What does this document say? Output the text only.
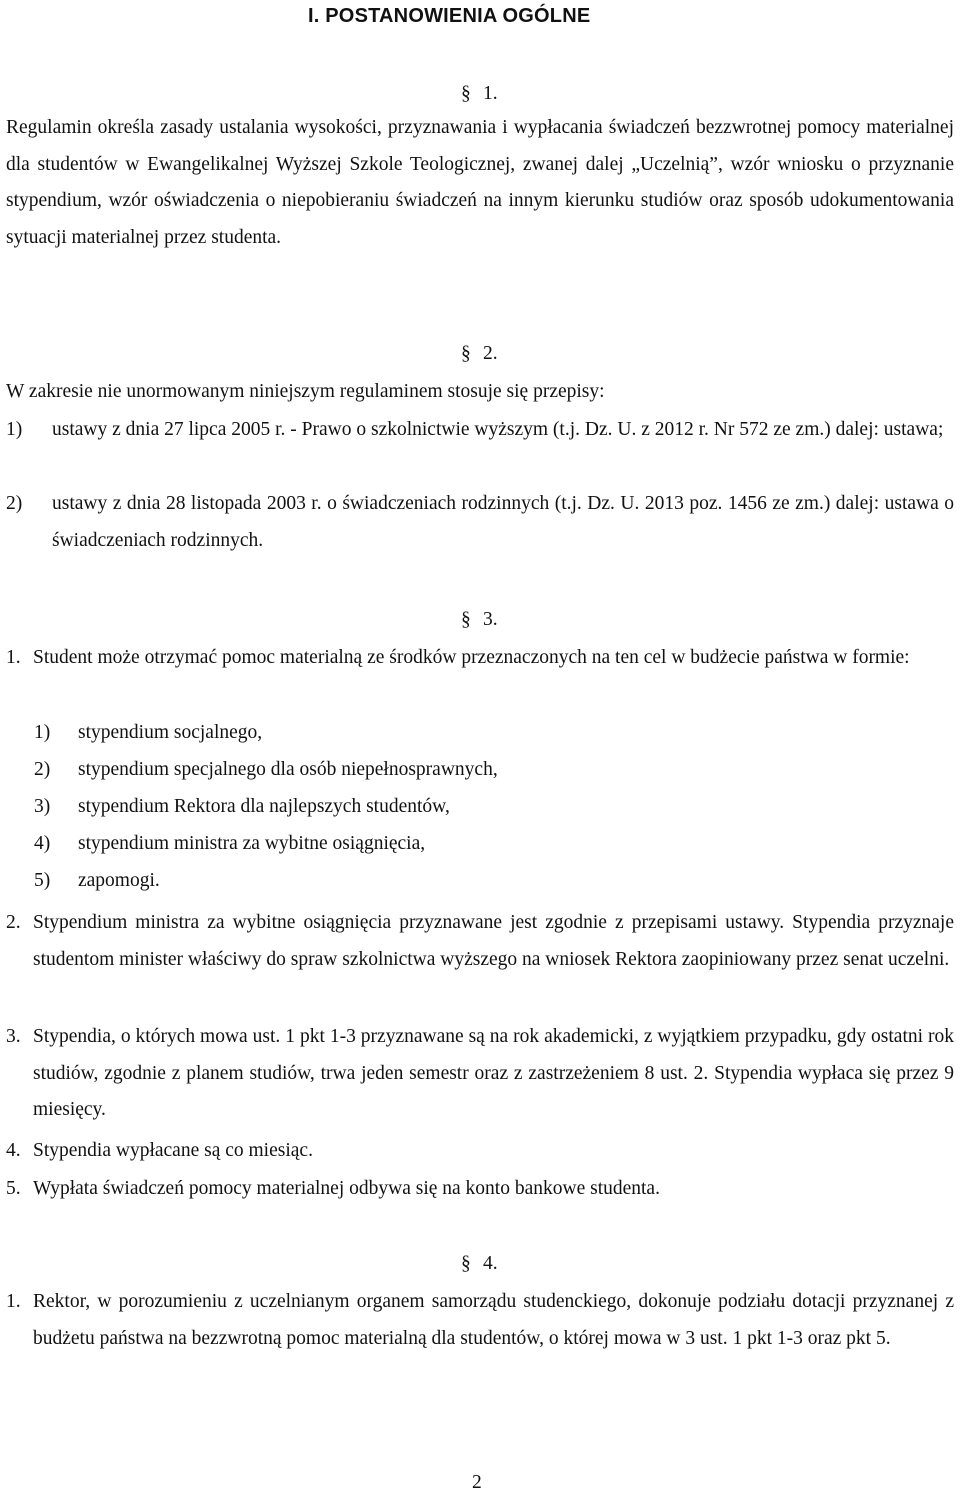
I. POSTANOWIENIA OGÓLNE

§ 1.

Regulamin określa zasady ustalania wysokości, przyznawania i wypłacania świadczeń bezzwrotnej pomocy materialnej dla studentów w Ewangelikalnej Wyższej Szkole Teologicznej, zwanej dalej „Uczelnią”, wzór wniosku o przyznanie stypendium, wzór oświadczenia o niepobieraniu świadczeń na innym kierunku studiów oraz sposób udokumentowania sytuacji materialnej przez studenta.

§ 2.

W zakresie nie unormowanym niniejszym regulaminem stosuje się przepisy:

1) ustawy z dnia 27 lipca 2005 r. - Prawo o szkolnictwie wyższym (t.j. Dz. U. z 2012 r. Nr 572 ze zm.) dalej: ustawa;
2) ustawy z dnia 28 listopada 2003 r. o świadczeniach rodzinnych (t.j. Dz. U. 2013 poz. 1456 ze zm.) dalej: ustawa o świadczeniach rodzinnych.

§ 3.

1. Student może otrzymać pomoc materialną ze środków przeznaczonych na ten cel w budżecie państwa w formie:
1) stypendium socjalnego,
2) stypendium specjalnego dla osób niepełnosprawnych,
3) stypendium Rektora dla najlepszych studentów,
4) stypendium ministra za wybitne osiągnięcia,
5) zapomogi.
2. Stypendium ministra za wybitne osiągnięcia przyznawane jest zgodnie z przepisami ustawy. Stypendia przyznaje studentom minister właściwy do spraw szkolnictwa wyższego na wniosek Rektora zaopiniowany przez senat uczelni.
3. Stypendia, o których mowa ust. 1 pkt 1-3 przyznawane są na rok akademicki, z wyjątkiem przypadku, gdy ostatni rok studiów, zgodnie z planem studiów, trwa jeden semestr oraz z zastrzeżeniem 8 ust. 2. Stypendia wypłaca się przez 9 miesięcy.
4. Stypendia wypłacane są co miesiąc.
5. Wypłata świadczeń pomocy materialnej odbywa się na konto bankowe studenta.

§ 4.

1. Rektor, w porozumieniu z uczelnianym organem samorządu studenckiego, dokonuje podziału dotacji przyznanej z budżetu państwa na bezzwrotną pomoc materialną dla studentów, o której mowa w 3 ust. 1 pkt 1-3 oraz pkt 5.

2
